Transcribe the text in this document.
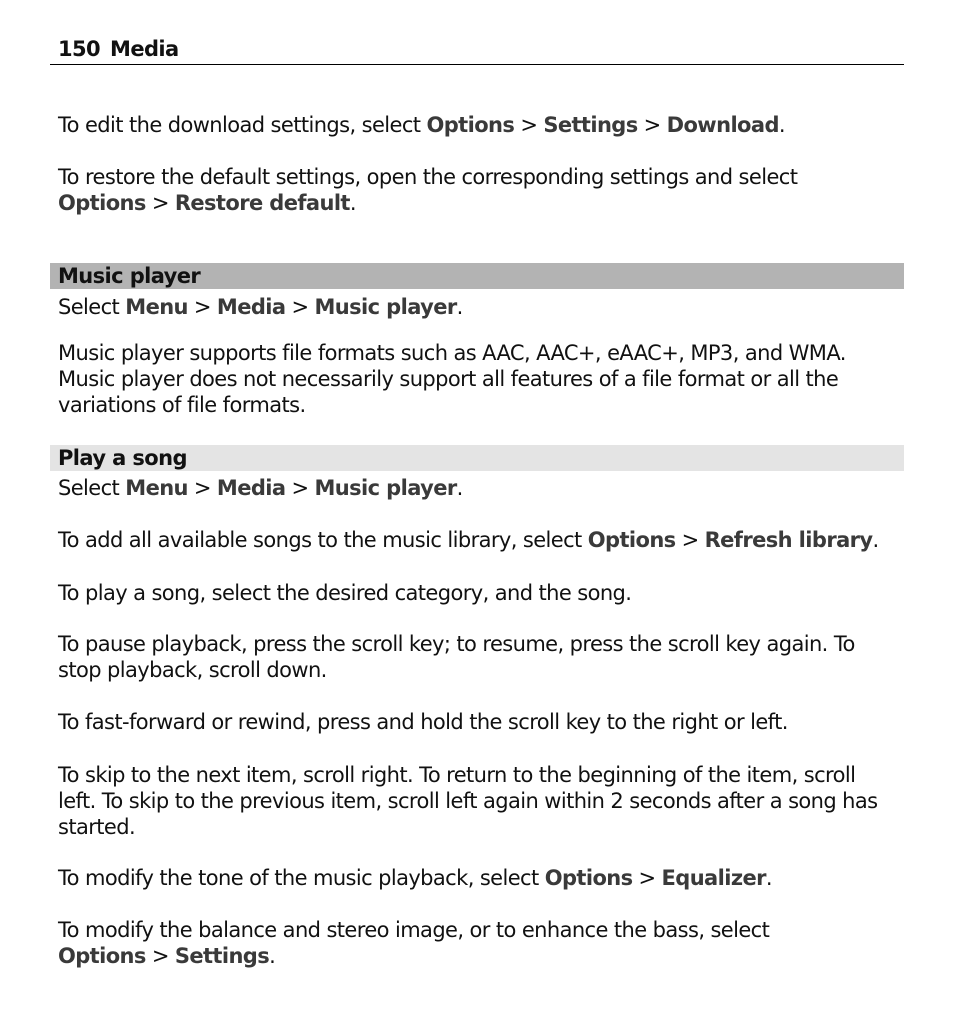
150 Media

To edit the download settings, select Options > Settings > Download.

To restore the default settings, open the corresponding settings and select Options > Restore default.

Music player

Select Menu > Media > Music player.

Music player supports file formats such as AAC, AAC+, eAAC+, MP3, and WMA. Music player does not necessarily support all features of a file format or all the variations of file formats.

Play a song

Select Menu > Media > Music player.

To add all available songs to the music library, select Options > Refresh library.

To play a song, select the desired category, and the song.

To pause playback, press the scroll key; to resume, press the scroll key again. To stop playback, scroll down.

To fast-forward or rewind, press and hold the scroll key to the right or left.

To skip to the next item, scroll right. To return to the beginning of the item, scroll left. To skip to the previous item, scroll left again within 2 seconds after a song has started.

To modify the tone of the music playback, select Options > Equalizer.

To modify the balance and stereo image, or to enhance the bass, select Options > Settings.
